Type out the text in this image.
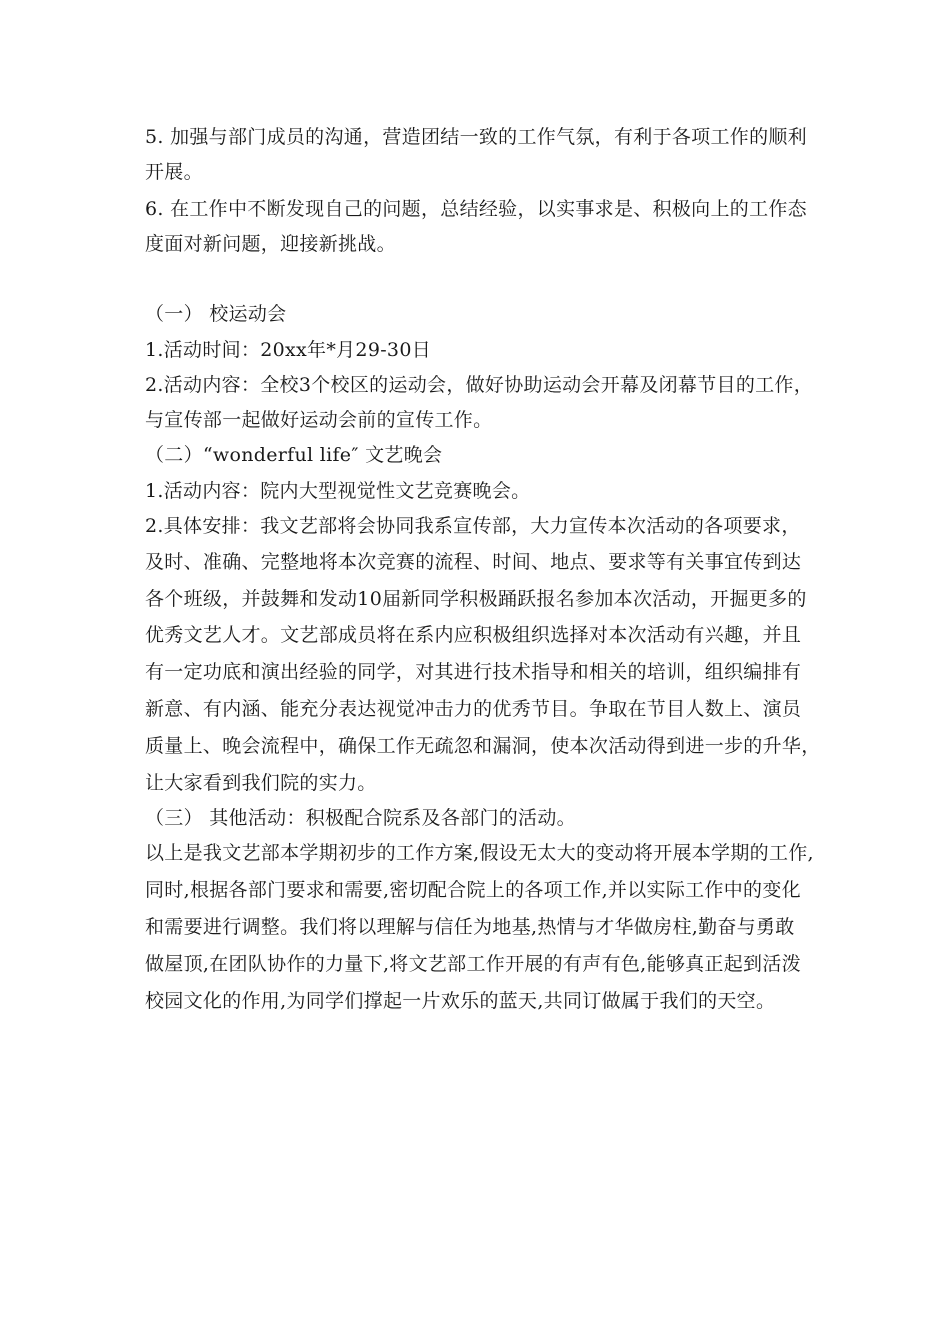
5. 加强与部门成员的沟通，营造团结一致的工作气氛，有利于各项工作的顺利
开展。
6. 在工作中不断发现自己的问题，总结经验，以实事求是、积极向上的工作态
度面对新问题，迎接新挑战。
（一） 校运动会
1.活动时间：20xx年*月29-30日
2.活动内容：全校3个校区的运动会，做好协助运动会开幕及闭幕节目的工作，
与宣传部一起做好运动会前的宣传工作。
（二）“wonderful life″ 文艺晚会
1.活动内容：院内大型视觉性文艺竞赛晚会。
2.具体安排：我文艺部将会协同我系宣传部，大力宣传本次活动的各项要求，
及时、准确、完整地将本次竞赛的流程、时间、地点、要求等有关事宜传到达
各个班级，并鼓舞和发动10届新同学积极踊跃报名参加本次活动，开掘更多的
优秀文艺人才。文艺部成员将在系内应积极组织选择对本次活动有兴趣，并且
有一定功底和演出经验的同学，对其进行技术指导和相关的培训，组织编排有
新意、有内涵、能充分表达视觉冲击力的优秀节目。争取在节目人数上、演员
质量上、晚会流程中，确保工作无疏忽和漏洞，使本次活动得到进一步的升华，
让大家看到我们院的实力。
（三） 其他活动：积极配合院系及各部门的活动。
以上是我文艺部本学期初步的工作方案,假设无太大的变动将开展本学期的工作,
同时,根据各部门要求和需要,密切配合院上的各项工作,并以实际工作中的变化
和需要进行调整。我们将以理解与信任为地基,热情与才华做房柱,勤奋与勇敢
做屋顶,在团队协作的力量下,将文艺部工作开展的有声有色,能够真正起到活泼
校园文化的作用,为同学们撑起一片欢乐的蓝天,共同订做属于我们的天空。
